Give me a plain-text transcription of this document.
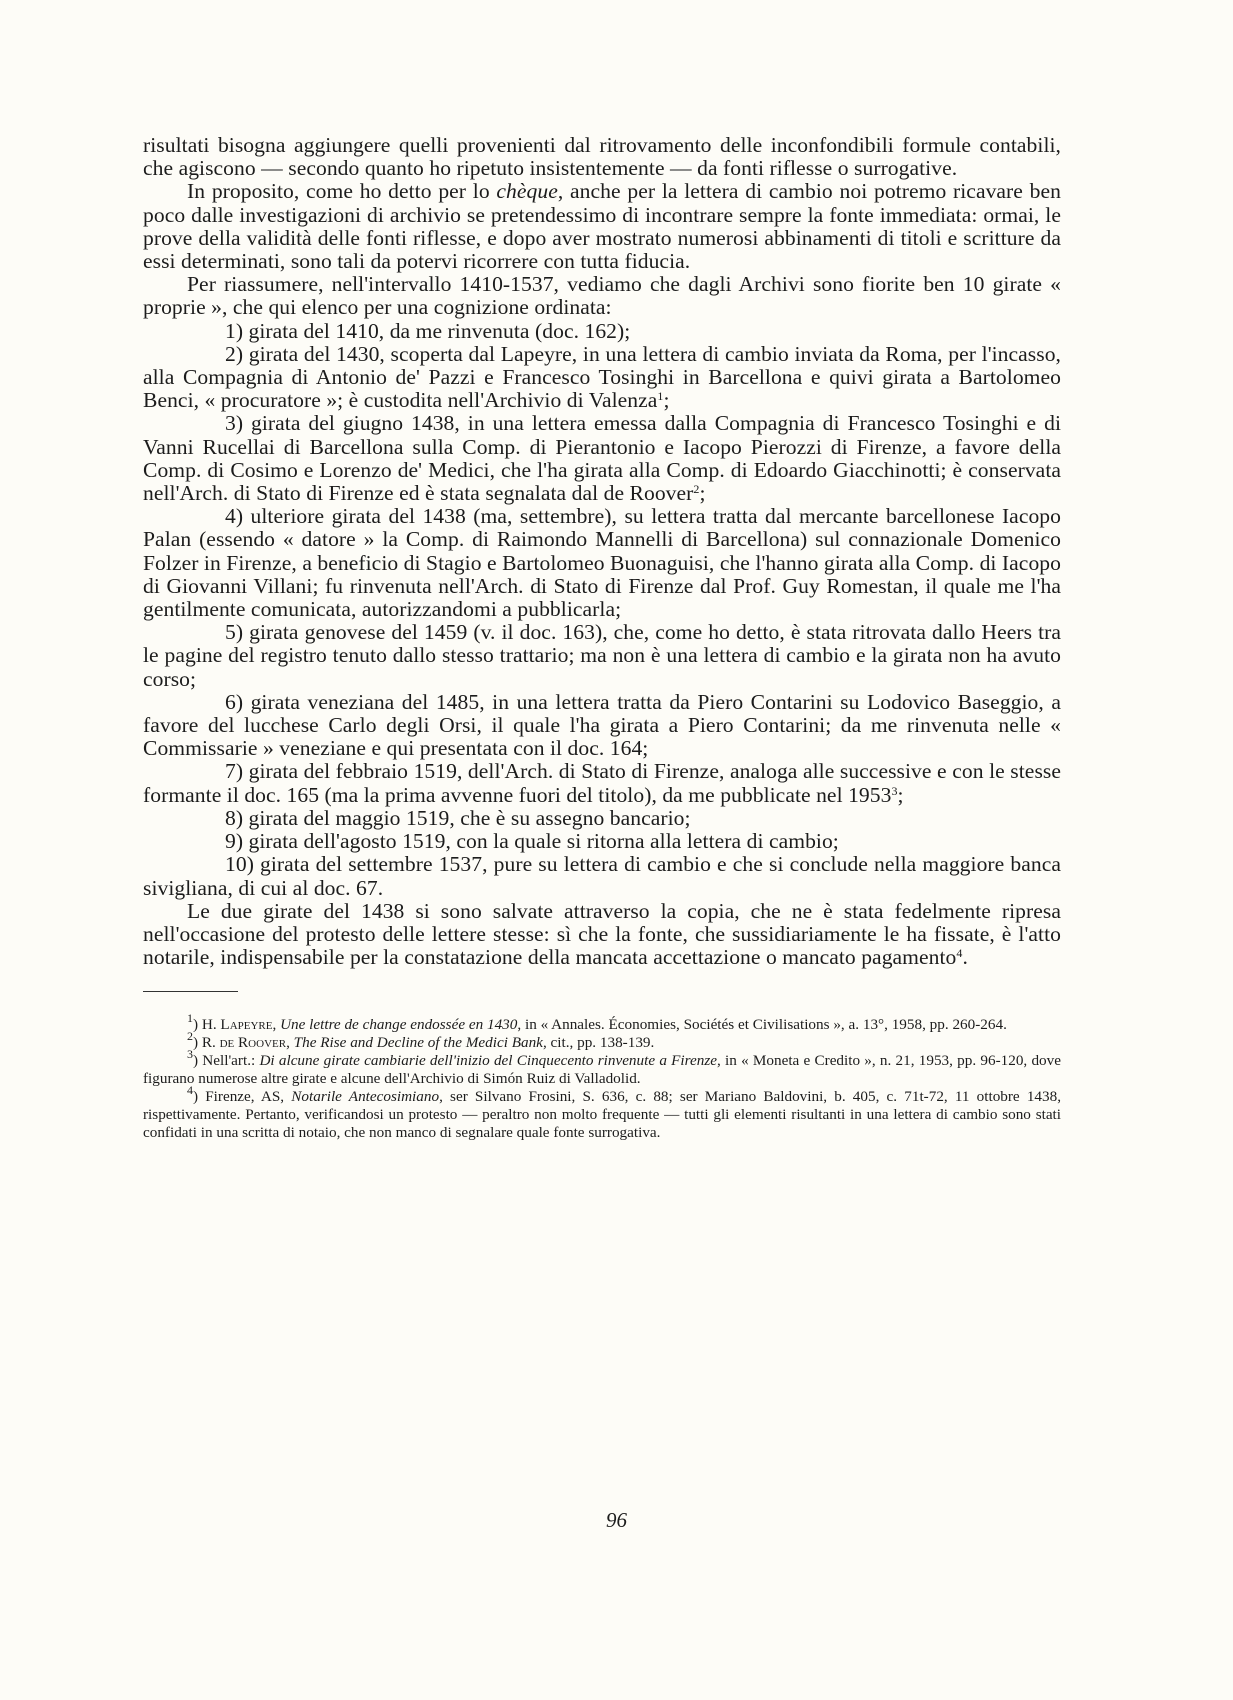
risultati bisogna aggiungere quelli provenienti dal ritrovamento delle inconfondibili formule contabili, che agiscono — secondo quanto ho ripetuto insistentemente — da fonti riflesse o surrogative.

In proposito, come ho detto per lo chèque, anche per la lettera di cambio noi potremo ricavare ben poco dalle investigazioni di archivio se pretendessimo di incontrare sempre la fonte immediata: ormai, le prove della validità delle fonti riflesse, e dopo aver mostrato numerosi abbinamenti di titoli e scritture da essi determinati, sono tali da potervi ricorrere con tutta fiducia.

Per riassumere, nell'intervallo 1410-1537, vediamo che dagli Archivi sono fiorite ben 10 girate « proprie », che qui elenco per una cognizione ordinata:

1) girata del 1410, da me rinvenuta (doc. 162);

2) girata del 1430, scoperta dal Lapeyre, in una lettera di cambio inviata da Roma, per l'incasso, alla Compagnia di Antonio de' Pazzi e Francesco Tosinghi in Barcellona e quivi girata a Bartolomeo Benci, « procuratore »; è custodita nell'Archivio di Valenza$^1$;

3) girata del giugno 1438, in una lettera emessa dalla Compagnia di Francesco Tosinghi e di Vanni Rucellai di Barcellona sulla Comp. di Pierantonio e Iacopo Pierozzi di Firenze, a favore della Comp. di Cosimo e Lorenzo de' Medici, che l'ha girata alla Comp. di Edoardo Giacchinotti; è conservata nell'Arch. di Stato di Firenze ed è stata segnalata dal de Roover$^2$;

4) ulteriore girata del 1438 (ma, settembre), su lettera tratta dal mercante barcellonese Iacopo Palan (essendo « datore » la Comp. di Raimondo Mannelli di Barcellona) sul connazionale Domenico Folzer in Firenze, a beneficio di Stagio e Bartolomeo Buonaguisi, che l'hanno girata alla Comp. di Iacopo di Giovanni Villani; fu rinvenuta nell'Arch. di Stato di Firenze dal Prof. Guy Romestan, il quale me l'ha gentilmente comunicata, autorizzandomi a pubblicarla;

5) girata genovese del 1459 (v. il doc. 163), che, come ho detto, è stata ritrovata dallo Heers tra le pagine del registro tenuto dallo stesso trattario; ma non è una lettera di cambio e la girata non ha avuto corso;

6) girata veneziana del 1485, in una lettera tratta da Piero Contarini su Lodovico Baseggio, a favore del lucchese Carlo degli Orsi, il quale l'ha girata a Piero Contarini; da me rinvenuta nelle « Commissarie » veneziane e qui presentata con il doc. 164;

7) girata del febbraio 1519, dell'Arch. di Stato di Firenze, analoga alle successive e con le stesse formante il doc. 165 (ma la prima avvenne fuori del titolo), da me pubblicate nel 1953$^3$;

8) girata del maggio 1519, che è su assegno bancario;

9) girata dell'agosto 1519, con la quale si ritorna alla lettera di cambio;

10) girata del settembre 1537, pure su lettera di cambio e che si conclude nella maggiore banca sivigliana, di cui al doc. 67.

Le due girate del 1438 si sono salvate attraverso la copia, che ne è stata fedelmente ripresa nell'occasione del protesto delle lettere stesse: sì che la fonte, che sussidiariamente le ha fissate, è l'atto notarile, indispensabile per la constatazione della mancata accettazione o mancato pagamento$^4$.

$^1$) H. Lapeyre, Une lettre de change endossée en 1430, in « Annales. Économies, Sociétés et Civilisations », a. 13°, 1958, pp. 260-264.

$^2$) R. de Roover, The Rise and Decline of the Medici Bank, cit., pp. 138-139.

$^3$) Nell'art.: Di alcune girate cambiarie dell'inizio del Cinquecento rinvenute a Firenze, in « Moneta e Credito », n. 21, 1953, pp. 96-120, dove figurano numerose altre girate e alcune dell'Archivio di Simón Ruiz di Valladolid.

$^4$) Firenze, AS, Notarile Antecosimiano, ser Silvano Frosini, S. 636, c. 88; ser Mariano Baldovini, b. 405, c. 71t-72, 11 ottobre 1438, rispettivamente. Pertanto, verificandosi un protesto — peraltro non molto frequente — tutti gli elementi risultanti in una lettera di cambio sono stati confidati in una scritta di notaio, che non manco di segnalare quale fonte surrogativa.

96
